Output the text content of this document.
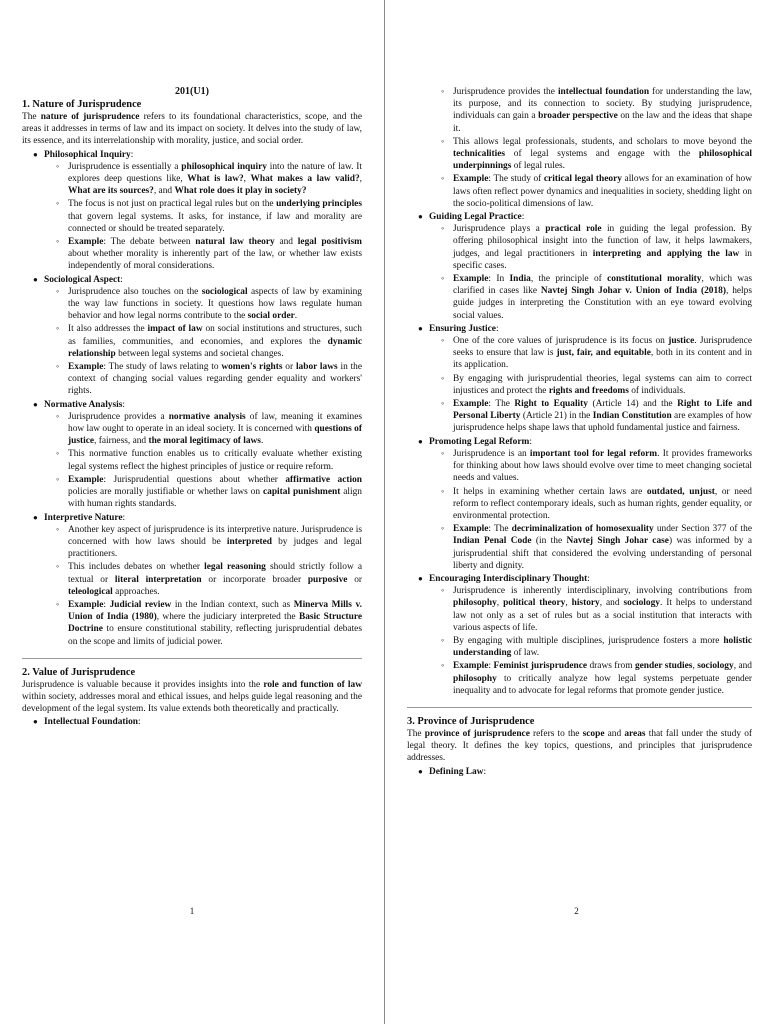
201(U1)
1. Nature of Jurisprudence

The nature of jurisprudence refers to its foundational characteristics, scope, and the areas it addresses in terms of law and its impact on society. It delves into the study of law, its essence, and its interrelationship with morality, justice, and social order.

● Philosophical Inquiry:
◦ Jurisprudence is essentially a philosophical inquiry into the nature of law. It explores deep questions like, What is law?, What makes a law valid?, What are its sources?, and What role does it play in society?
◦ The focus is not just on practical legal rules but on the underlying principles that govern legal systems. It asks, for instance, if law and morality are connected or should be treated separately.
◦ Example: The debate between natural law theory and legal positivism about whether morality is inherently part of the law, or whether law exists independently of moral considerations.
● Sociological Aspect:
◦ Jurisprudence also touches on the sociological aspects of law by examining the way law functions in society. It questions how laws regulate human behavior and how legal norms contribute to the social order.
◦ It also addresses the impact of law on social institutions and structures, such as families, communities, and economies, and explores the dynamic relationship between legal systems and societal changes.
◦ Example: The study of laws relating to women's rights or labor laws in the context of changing social values regarding gender equality and workers' rights.
● Normative Analysis:
◦ Jurisprudence provides a normative analysis of law, meaning it examines how law ought to operate in an ideal society. It is concerned with questions of justice, fairness, and the moral legitimacy of laws.
◦ This normative function enables us to critically evaluate whether existing legal systems reflect the highest principles of justice or require reform.
◦ Example: Jurisprudential questions about whether affirmative action policies are morally justifiable or whether laws on capital punishment align with human rights standards.
● Interpretive Nature:
◦ Another key aspect of jurisprudence is its interpretive nature. Jurisprudence is concerned with how laws should be interpreted by judges and legal practitioners.
◦ This includes debates on whether legal reasoning should strictly follow a textual or literal interpretation or incorporate broader purposive or teleological approaches.
◦ Example: Judicial review in the Indian context, such as Minerva Mills v. Union of India (1980), where the judiciary interpreted the Basic Structure Doctrine to ensure constitutional stability, reflecting jurisprudential debates on the scope and limits of judicial power.
2. Value of Jurisprudence

Jurisprudence is valuable because it provides insights into the role and function of law within society, addresses moral and ethical issues, and helps guide legal reasoning and the development of the legal system. Its value extends both theoretically and practically.

● Intellectual Foundation:
1
◦ Jurisprudence provides the intellectual foundation for understanding the law, its purpose, and its connection to society. By studying jurisprudence, individuals can gain a broader perspective on the law and the ideas that shape it.
◦ This allows legal professionals, students, and scholars to move beyond the technicalities of legal systems and engage with the philosophical underpinnings of legal rules.
◦ Example: The study of critical legal theory allows for an examination of how laws often reflect power dynamics and inequalities in society, shedding light on the socio-political dimensions of law.
● Guiding Legal Practice:
◦ Jurisprudence plays a practical role in guiding the legal profession. By offering philosophical insight into the function of law, it helps lawmakers, judges, and legal practitioners in interpreting and applying the law in specific cases.
◦ Example: In India, the principle of constitutional morality, which was clarified in cases like Navtej Singh Johar v. Union of India (2018), helps guide judges in interpreting the Constitution with an eye toward evolving social values.
● Ensuring Justice:
◦ One of the core values of jurisprudence is its focus on justice. Jurisprudence seeks to ensure that law is just, fair, and equitable, both in its content and in its application.
◦ By engaging with jurisprudential theories, legal systems can aim to correct injustices and protect the rights and freedoms of individuals.
◦ Example: The Right to Equality (Article 14) and the Right to Life and Personal Liberty (Article 21) in the Indian Constitution are examples of how jurisprudence helps shape laws that uphold fundamental justice and fairness.
● Promoting Legal Reform:
◦ Jurisprudence is an important tool for legal reform. It provides frameworks for thinking about how laws should evolve over time to meet changing societal needs and values.
◦ It helps in examining whether certain laws are outdated, unjust, or need reform to reflect contemporary ideals, such as human rights, gender equality, or environmental protection.
◦ Example: The decriminalization of homosexuality under Section 377 of the Indian Penal Code (in the Navtej Singh Johar case) was informed by a jurisprudential shift that considered the evolving understanding of personal liberty and dignity.
● Encouraging Interdisciplinary Thought:
◦ Jurisprudence is inherently interdisciplinary, involving contributions from philosophy, political theory, history, and sociology. It helps to understand law not only as a set of rules but as a social institution that interacts with various aspects of life.
◦ By engaging with multiple disciplines, jurisprudence fosters a more holistic understanding of law.
◦ Example: Feminist jurisprudence draws from gender studies, sociology, and philosophy to critically analyze how legal systems perpetuate gender inequality and to advocate for legal reforms that promote gender justice.
3. Province of Jurisprudence

The province of jurisprudence refers to the scope and areas that fall under the study of legal theory. It defines the key topics, questions, and principles that jurisprudence addresses.

● Defining Law:
2
